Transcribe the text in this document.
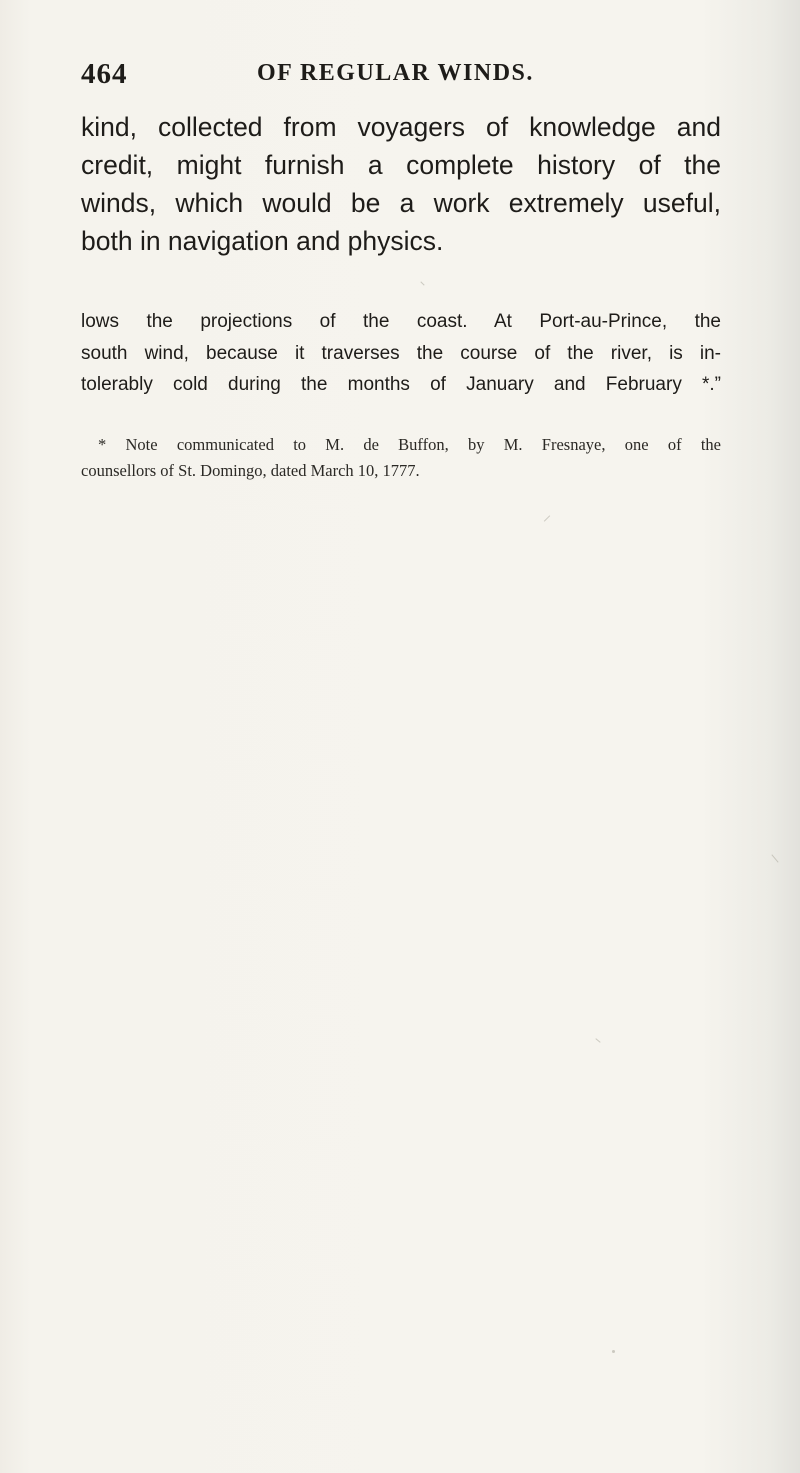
464	OF REGULAR WINDS.
kind, collected from voyagers of knowledge and
credit, might furnish a complete history of the
winds, which would be a work extremely useful,
both in navigation and physics.
lows the projections of the coast. At Port-au-Prince, the
south wind, because it traverses the course of the river, is in-
tolerably cold during the months of January and February *.”
* Note communicated to M. de Buffon, by M. Fresnaye, one of the
counsellors of St. Domingo, dated March 10, 1777.
